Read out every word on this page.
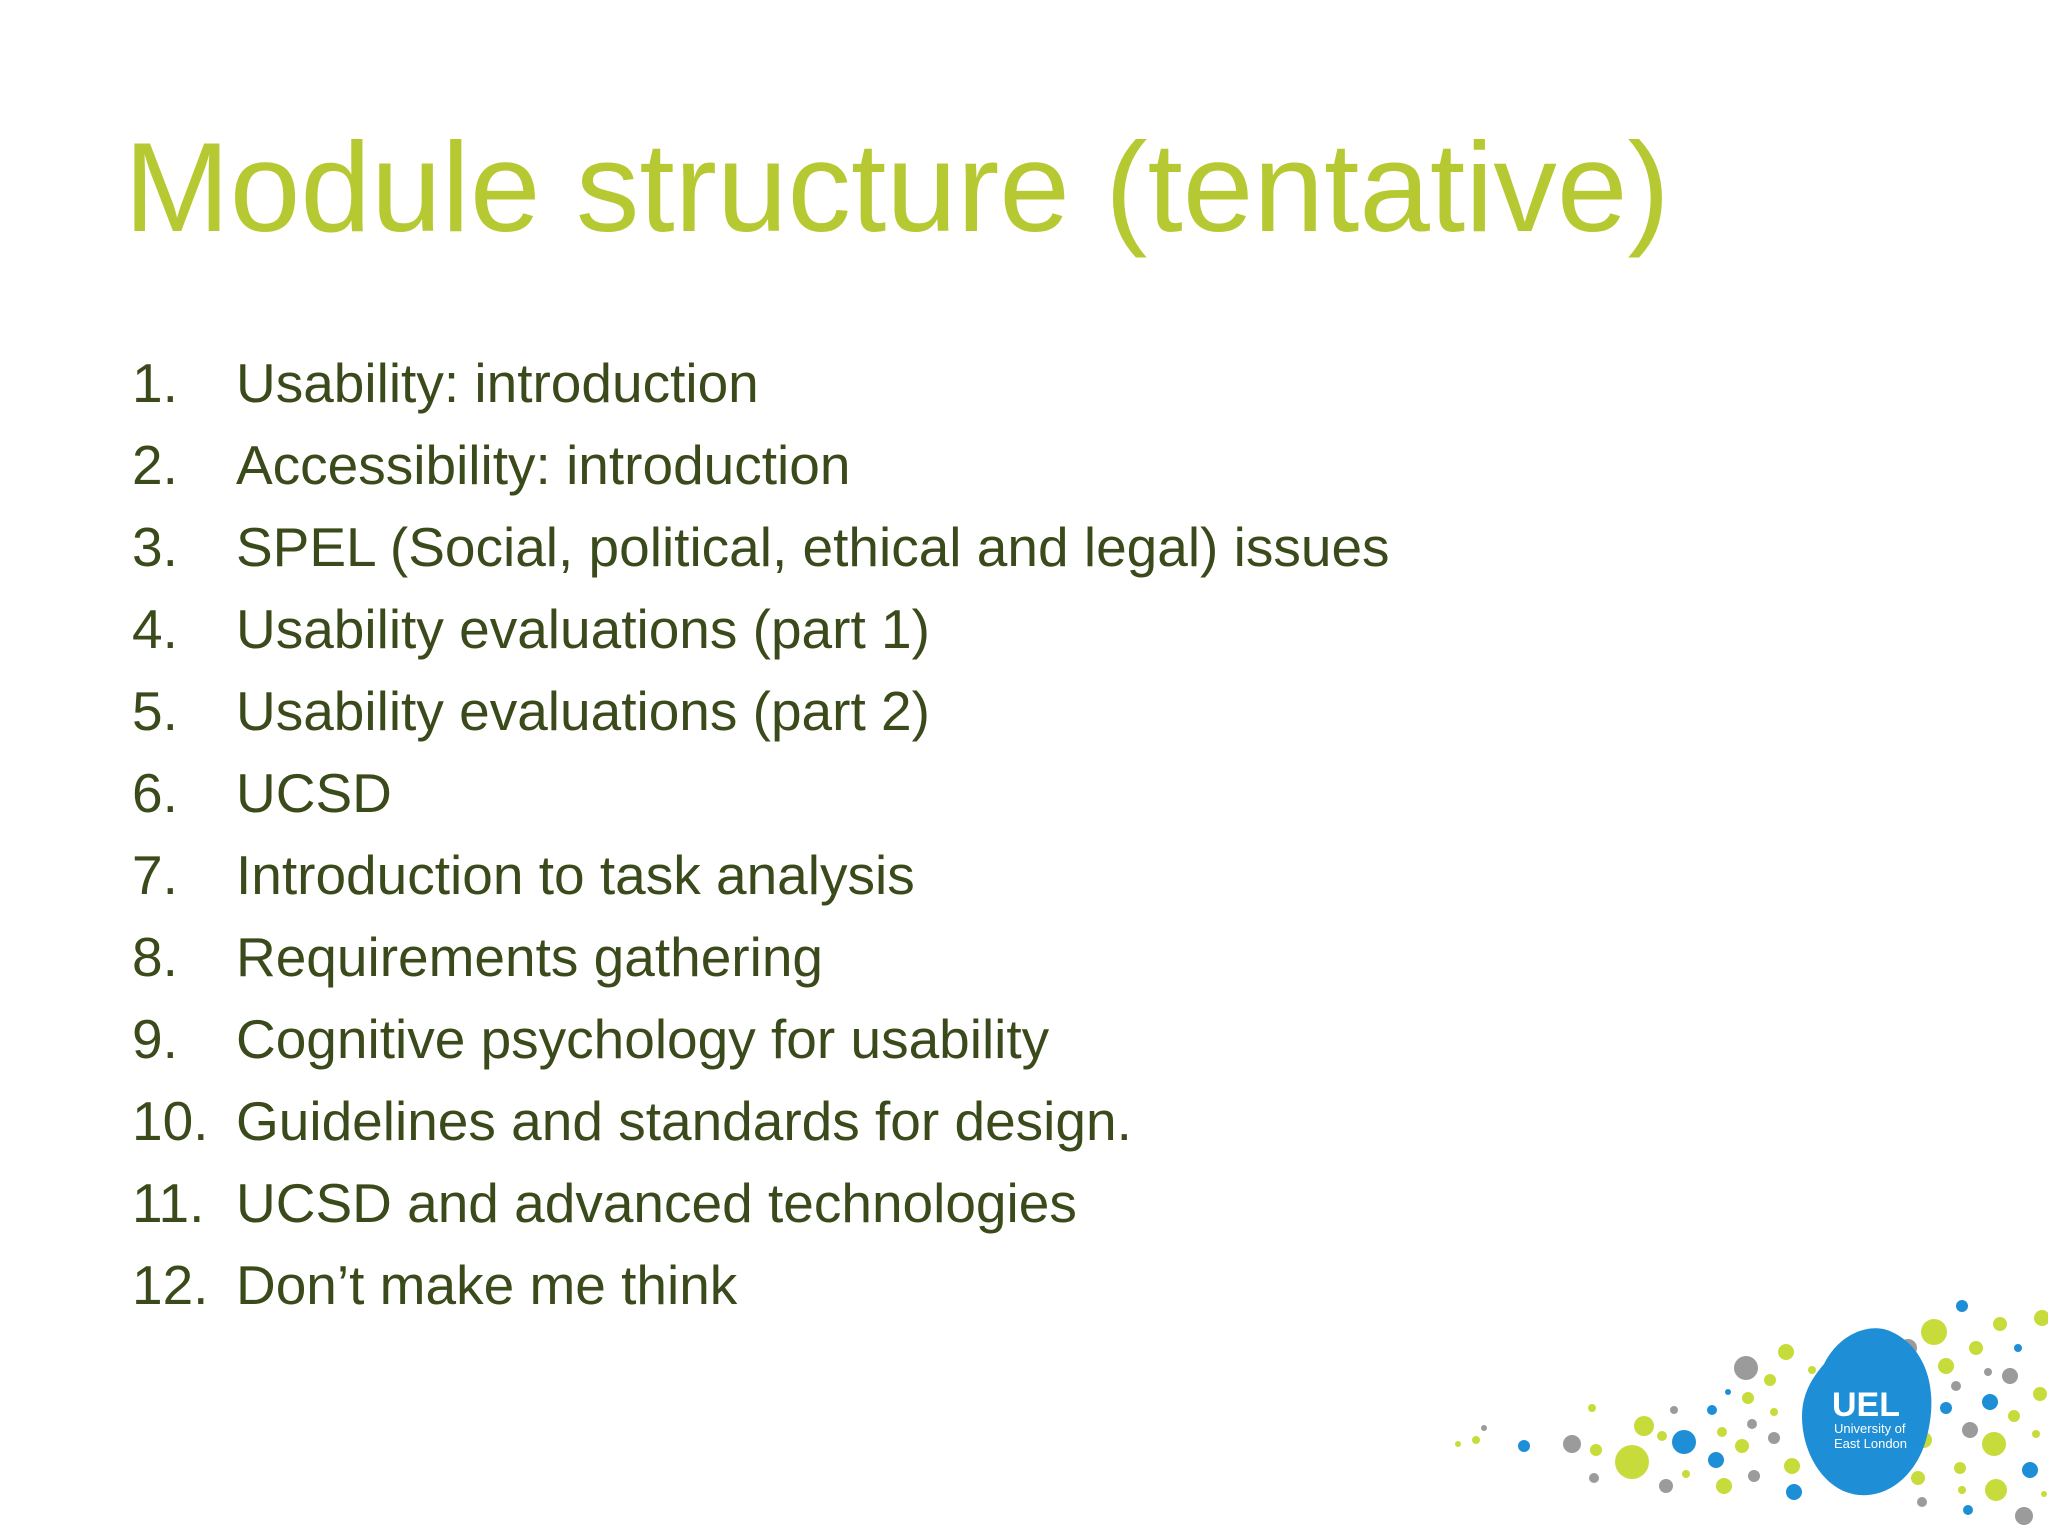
Module structure (tentative)
1.	Usability: introduction
2.	Accessibility: introduction
3.	SPEL (Social, political, ethical and legal) issues
4.	Usability evaluations (part 1)
5.	Usability evaluations (part 2)
6.	UCSD
7.	Introduction to task analysis
8.	Requirements gathering
9.	Cognitive psychology for usability
10. Guidelines and standards for design.
11. UCSD and advanced technologies
12. Don’t make me think
UEL
University of
East London
